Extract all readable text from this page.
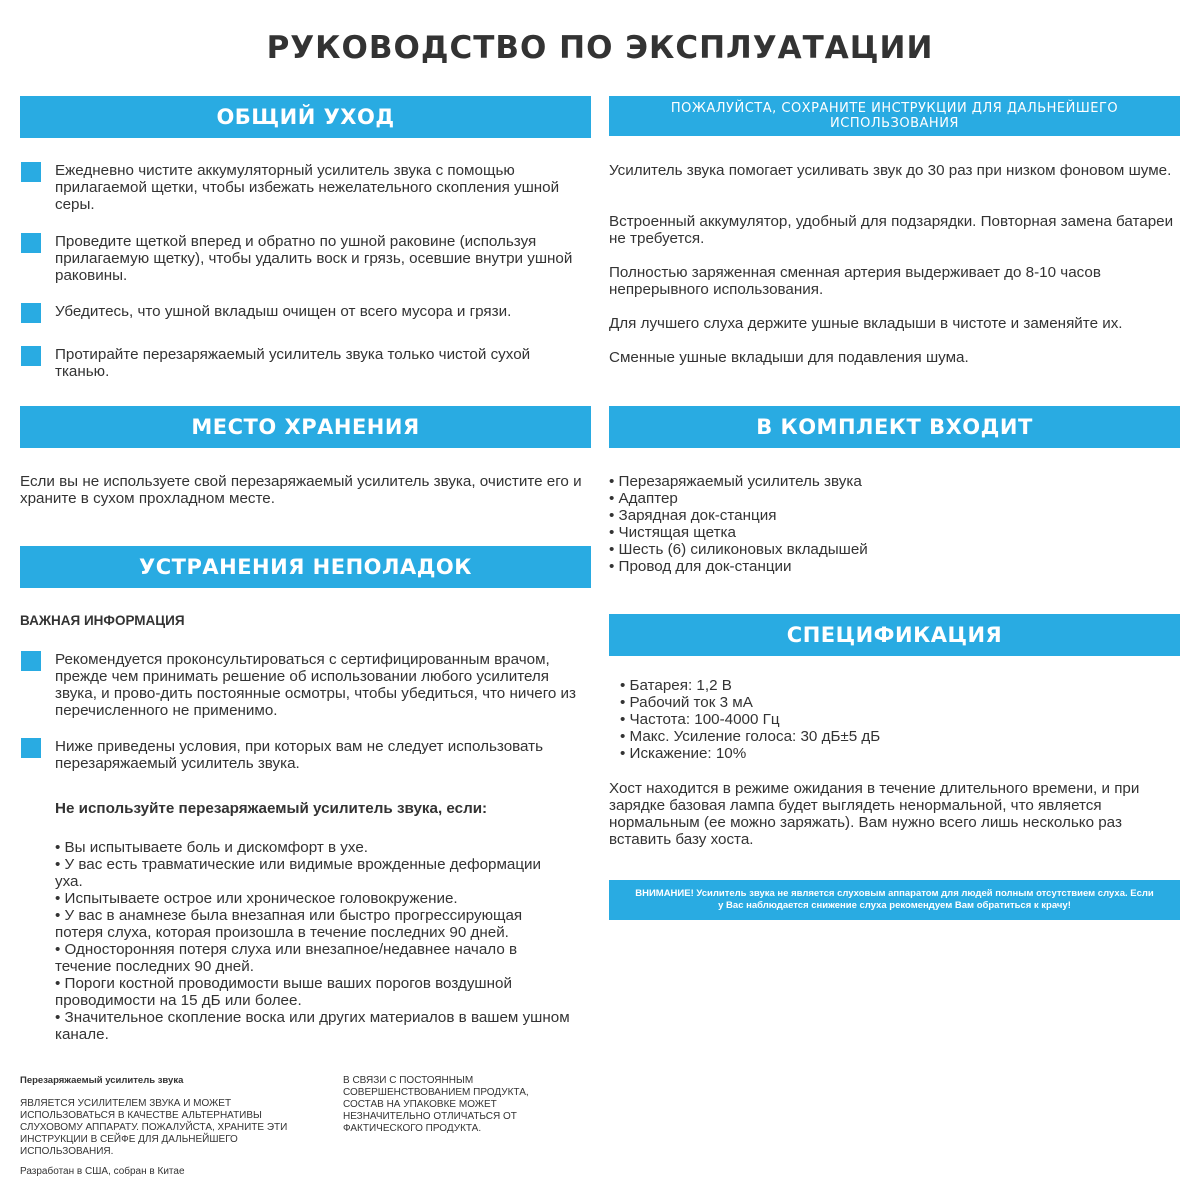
РУКОВОДСТВО ПО ЭКСПЛУАТАЦИИ
ОБЩИЙ УХОД
Ежедневно чистите аккумуляторный усилитель звука с помощью прилагаемой щетки, чтобы избежать нежелательного скопления ушной серы.
Проведите щеткой вперед и обратно по ушной раковине (используя прилагаемую щетку), чтобы удалить воск и грязь, осевшие внутри ушной раковины.
Убедитесь, что ушной вкладыш очищен от всего мусора и грязи.
Протирайте перезаряжаемый усилитель звука только чистой сухой тканью.
МЕСТО ХРАНЕНИЯ
Если вы не используете свой перезаряжаемый усилитель звука, очистите его и храните в сухом прохладном месте.
УСТРАНЕНИЯ НЕПОЛАДОК
ВАЖНАЯ ИНФОРМАЦИЯ
Рекомендуется проконсультироваться с сертифицированным врачом, прежде чем принимать решение об использовании любого усилителя звука, и прово-дить постоянные осмотры, чтобы убедиться, что ничего из перечисленного не применимо.
Ниже приведены условия, при которых вам не следует использовать перезаряжаемый усилитель звука.
Не используйте перезаряжаемый усилитель звука, если:
• Вы испытываете боль и дискомфорт в ухе.
• У вас есть травматические или видимые врожденные деформации уха.
• Испытываете острое или хроническое головокружение.
• У вас в анамнезе была внезапная или быстро прогрессирующая потеря слуха, которая произошла в течение последних 90 дней.
• Односторонняя потеря слуха или внезапное/недавнее начало в течение последних 90 дней.
• Пороги костной проводимости выше ваших порогов воздушной проводимости на 15 дБ или более.
• Значительное скопление воска или других материалов в вашем ушном канале.
Перезаряжаемый усилитель звука
ЯВЛЯЕТСЯ УСИЛИТЕЛЕМ ЗВУКА И МОЖЕТ ИСПОЛЬЗОВАТЬСЯ В КАЧЕСТВЕ АЛЬТЕРНАТИВЫ СЛУХОВОМУ АППАРАТУ. ПОЖАЛУЙСТА, ХРАНИТЕ ЭТИ ИНСТРУКЦИИ В СЕЙФЕ ДЛЯ ДАЛЬНЕЙШЕГО ИСПОЛЬЗОВАНИЯ.
Разработан в США, собран в Китае
В СВЯЗИ С ПОСТОЯННЫМ СОВЕРШЕНСТВОВАНИЕМ ПРОДУКТА, СОСТАВ НА УПАКОВКЕ МОЖЕТ НЕЗНАЧИТЕЛЬНО ОТЛИЧАТЬСЯ ОТ ФАКТИЧЕСКОГО ПРОДУКТА.
ПОЖАЛУЙСТА, СОХРАНИТЕ ИНСТРУКЦИИ ДЛЯ ДАЛЬНЕЙШЕГО ИСПОЛЬЗОВАНИЯ
Усилитель звука помогает усиливать звук до 30 раз при низком фоновом шуме.
Встроенный аккумулятор, удобный для подзарядки. Повторная замена батареи не требуется.
Полностью заряженная сменная артерия выдерживает до 8-10 часов непрерывного использования.
Для лучшего слуха держите ушные вкладыши в чистоте и заменяйте их.
Сменные ушные вкладыши для подавления шума.
В КОМПЛЕКТ ВХОДИТ
• Перезаряжаемый усилитель звука
• Адаптер
• Зарядная док-станция
• Чистящая щетка
• Шесть (6) силиконовых вкладышей
• Провод для док-станции
СПЕЦИФИКАЦИЯ
• Батарея: 1,2 В
• Рабочий ток 3 мА
• Частота: 100-4000 Гц
• Макс. Усиление голоса: 30 дБ±5 дБ
• Искажение: 10%
Хост находится в режиме ожидания в течение длительного времени, и при зарядке базовая лампа будет выглядеть ненормальной, что является нормальным (ее можно заряжать). Вам нужно всего лишь несколько раз вставить базу хоста.
ВНИМАНИЕ! Усилитель звука не является слуховым аппаратом для людей полным отсутствием слуха. Если у Вас наблюдается снижение слуха рекомендуем Вам обратиться к крачу!
